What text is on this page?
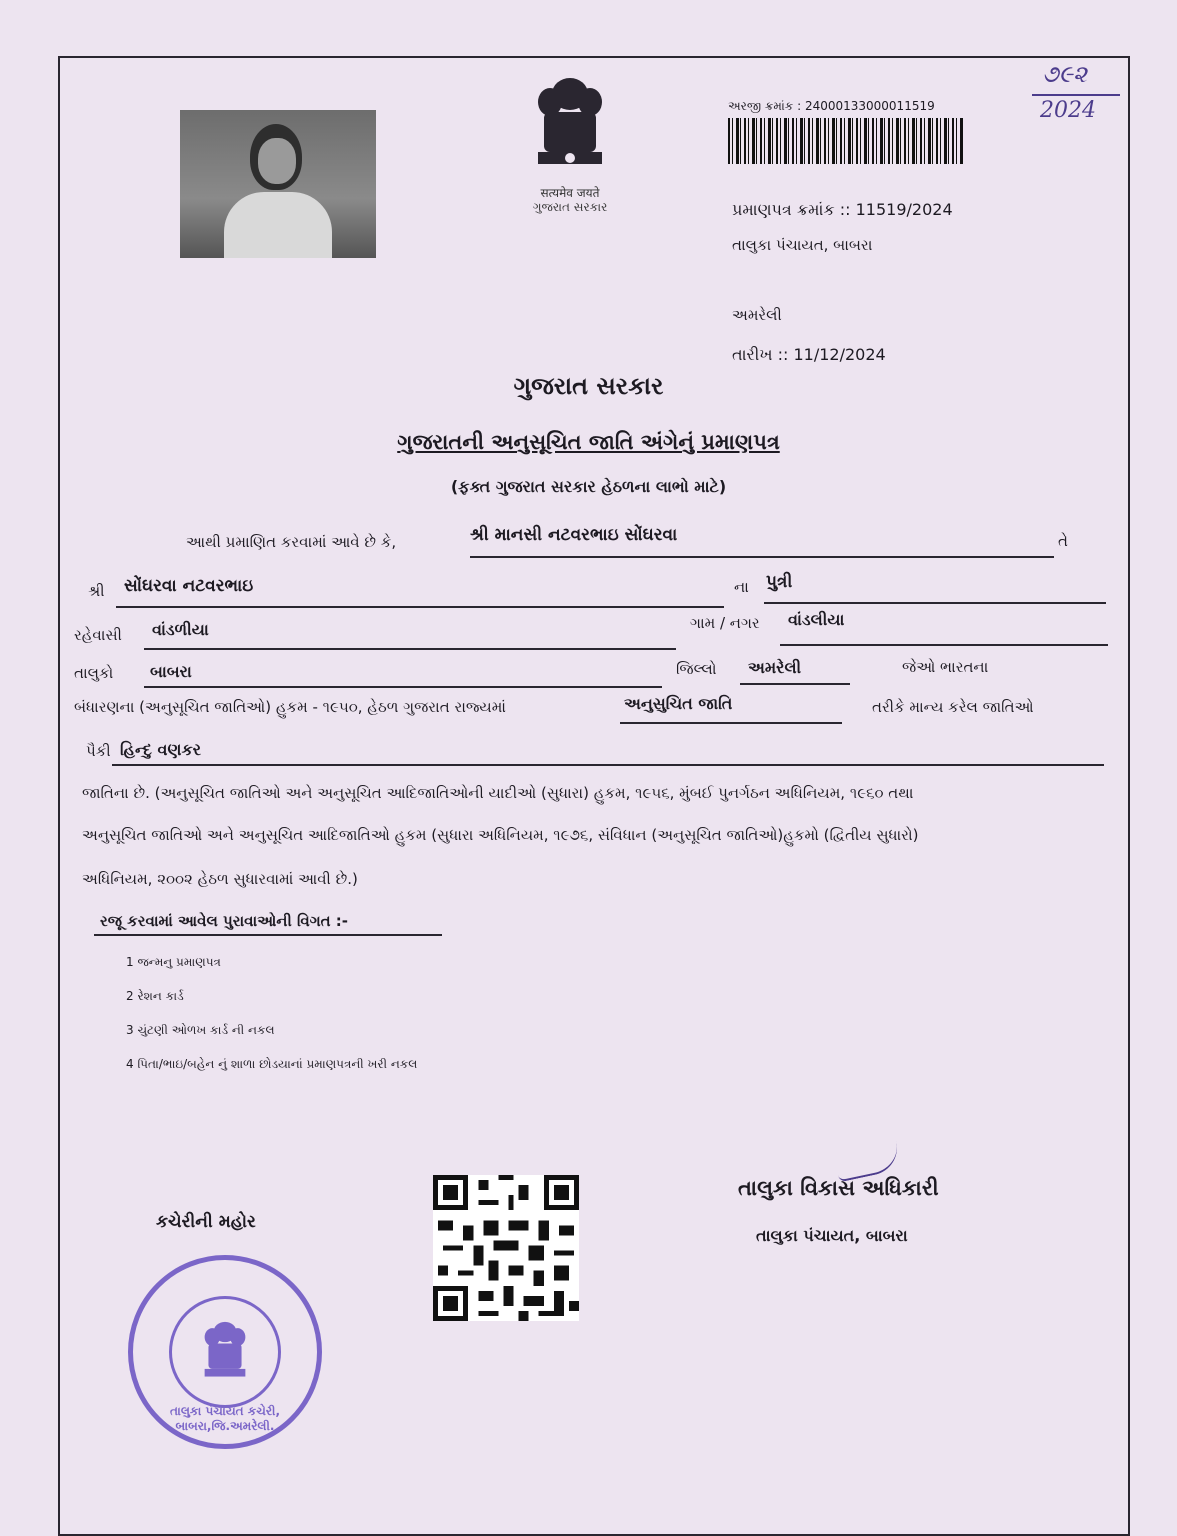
૭૯૨
2024
सत्यमेव जयते
ગુજરાત સરકાર
અરજી ક્રમાંક : 24000133000011519
પ્રમાણપત્ર ક્રમાંક :: 11519/2024
તાલુકા પંચાયત, બાબરા
અમરેલી
તારીખ :: 11/12/2024
ગુજરાત સરકાર
ગુજરાતની અનુસૂચિત જાતિ અંગેનું પ્રમાણપત્ર
(ફક્ત ગુજરાત સરકાર હેઠળના લાભો માટે)
આથી પ્રમાણિત કરવામાં આવે છે કે,	શ્રી માનસી નટવરભાઇ સોંઘરવા	તે
શ્રી સોંઘરવા નટવરભાઇ	ના પુત્રી
રહેવાસી વાંડળીયા	ગામ / નગર વાંડલીયા
તાલુકો બાબરા	જિલ્લો અમરેલી	જેઓ ભારતના
બંધારણના (અનુસૂચિત જાતિઓ) હુકમ - ૧૯૫૦, હેઠળ ગુજરાત રાજ્યમાં	અનુસુચિત જાતિ	તરીકે માન્ય કરેલ જાતિઓ
પૈકી હિન્દુ વણકર
જાતિના છે. (અનુસૂચિત જાતિઓ અને અનુસૂચિત આદિજાતિઓની યાદીઓ (સુધારા) હુકમ, ૧૯૫૬, મુંબઈ પુનર્ગઠન અધિનિયમ, ૧૯૬૦ તથા
અનુસૂચિત જાતિઓ અને અનુસૂચિત આદિજાતિઓ હુકમ (સુધારા અધિનિયમ, ૧૯૭૬, સંવિધાન (અનુસૂચિત જાતિઓ)હુકમો (દ્વિતીય સુધારો)
અધિનિયમ, ૨૦૦૨ હેઠળ સુધારવામાં આવી છે.)
રજૂ કરવામાં આવેલ પુરાવાઓની વિગત :-
1 જન્મનુ પ્રમાણપત્ર
2 રેશન કાર્ડ
3 ચુંટણી ઓળખ કાર્ડ ની નકલ
4 પિતા/ભાઇ/બહેન નું શાળા છોડયાનાં પ્રમાણપત્રની ખરી નકલ
કચેરીની મહોર
તાલુકા વિકાસ અધિકારી
તાલુકા પંચાયત, બાબરા
તાલુકા પંચાયત કચેરી, બાબરા,જિ.અમરેલી.
